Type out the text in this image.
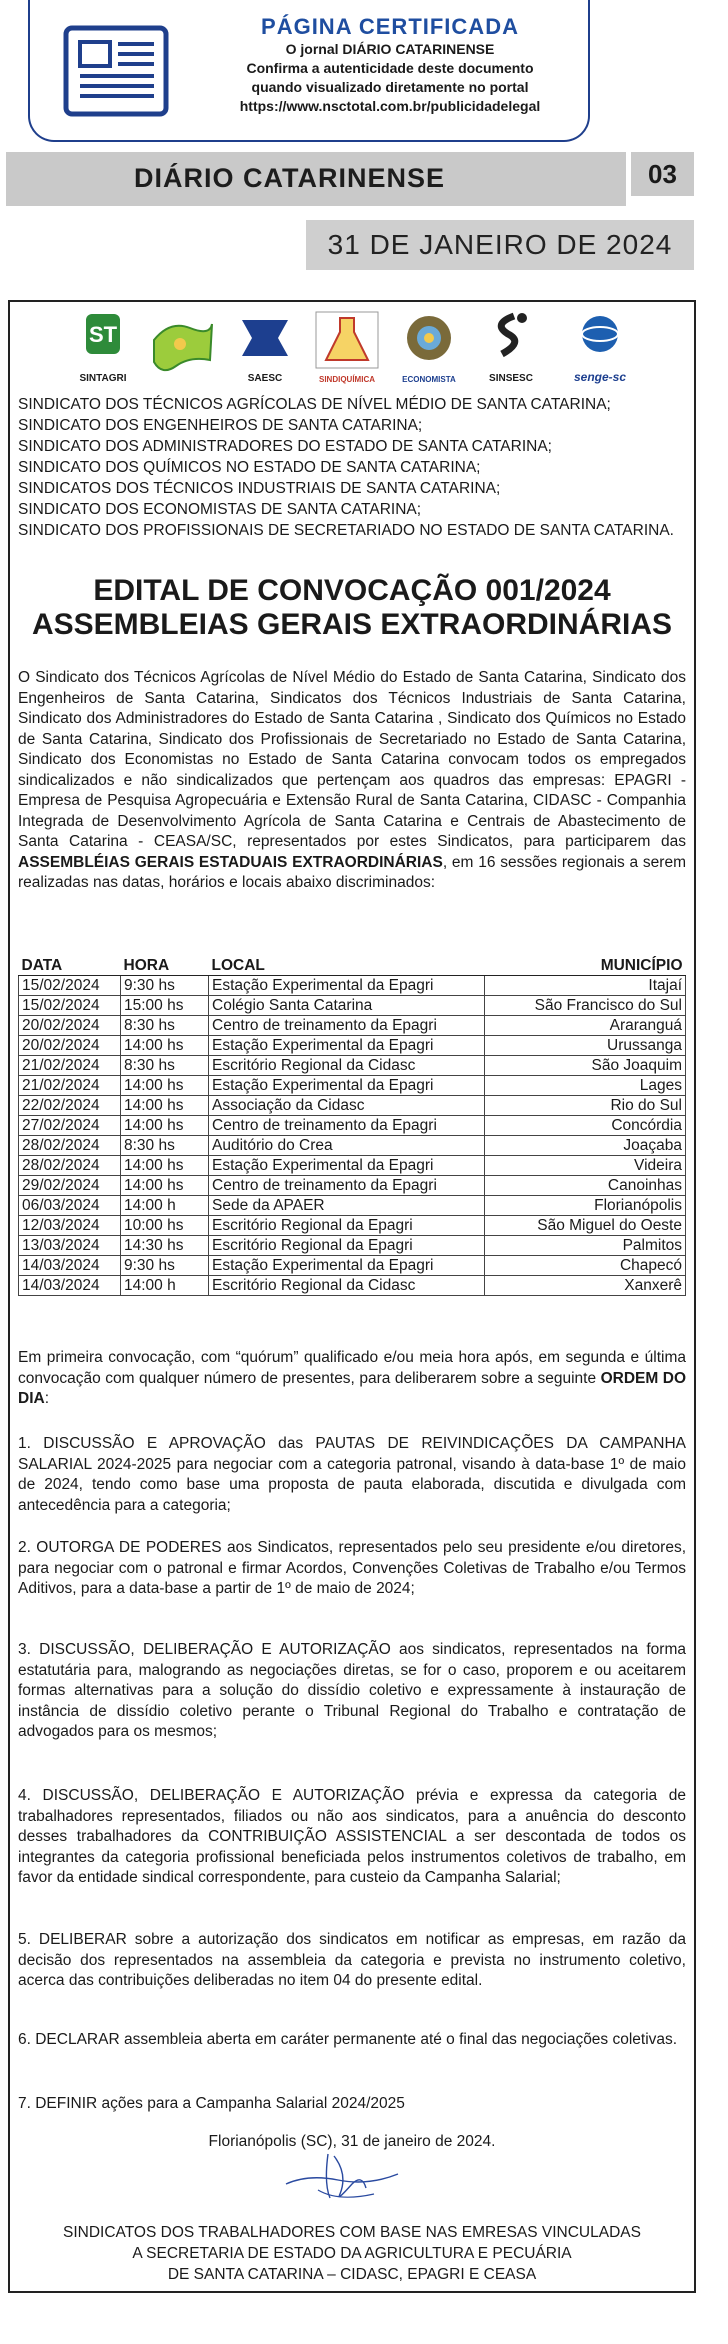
PÁGINA CERTIFICADA
O jornal DIÁRIO CATARINENSE
Confirma a autenticidade deste documento
quando visualizado diretamente no portal
https://www.nsctotal.com.br/publicidadelegal
DIÁRIO CATARINENSE	03
31 DE JANEIRO DE 2024
ST
SINTAGRI	SAESC	SINDIQUÍMICA	ECONOMISTA	SINSESC	senge-sc
SINDICATO DOS TÉCNICOS AGRÍCOLAS DE NÍVEL MÉDIO DE SANTA CATARINA;
SINDICATO DOS ENGENHEIROS DE SANTA CATARINA;
SINDICATO DOS ADMINISTRADORES DO ESTADO DE SANTA CATARINA;
SINDICATO DOS QUÍMICOS NO ESTADO DE SANTA CATARINA;
SINDICATOS DOS TÉCNICOS INDUSTRIAIS DE SANTA CATARINA;
SINDICATO DOS ECONOMISTAS DE SANTA CATARINA;
SINDICATO DOS PROFISSIONAIS DE SECRETARIADO NO ESTADO DE SANTA CATARINA.
EDITAL DE CONVOCAÇÃO 001/2024
ASSEMBLEIAS GERAIS EXTRAORDINÁRIAS
O Sindicato dos Técnicos Agrícolas de Nível Médio do Estado de Santa Catarina, Sindicato dos Engenheiros de Santa Catarina, Sindicatos dos Técnicos Industriais de Santa Catarina, Sindicato dos Administradores do Estado de Santa Catarina , Sindicato dos Químicos no Estado de Santa Catarina, Sindicato dos Profissionais de Secretariado no Estado de Santa Catarina, Sindicato dos Economistas no Estado de Santa Catarina convocam todos os empregados sindicalizados e não sindicalizados que pertençam aos quadros das empresas: EPAGRI - Empresa de Pesquisa Agropecuária e Extensão Rural de Santa Catarina, CIDASC - Companhia Integrada de Desenvolvimento Agrícola de Santa Catarina e Centrais de Abastecimento de Santa Catarina - CEASA/SC, representados por estes Sindicatos, para participarem das ASSEMBLÉIAS GERAIS ESTADUAIS EXTRAORDINÁRIAS, em 16 sessões regionais a serem realizadas nas datas, horários e locais abaixo discriminados:
DATA	HORA	LOCAL	MUNICÍPIO
15/02/2024	9:30 hs	Estação Experimental da Epagri	Itajaí
15/02/2024	15:00 hs	Colégio Santa Catarina	São Francisco do Sul
20/02/2024	8:30 hs	Centro de treinamento da Epagri	Araranguá
20/02/2024	14:00 hs	Estação Experimental da Epagri	Urussanga
21/02/2024	8:30 hs	Escritório Regional da Cidasc	São Joaquim
21/02/2024	14:00 hs	Estação Experimental da Epagri	Lages
22/02/2024	14:00 hs	Associação da Cidasc	Rio do Sul
27/02/2024	14:00 hs	Centro de treinamento da Epagri	Concórdia
28/02/2024	8:30 hs	Auditório do Crea	Joaçaba
28/02/2024	14:00 hs	Estação Experimental da Epagri	Videira
29/02/2024	14:00 hs	Centro de treinamento da Epagri	Canoinhas
06/03/2024	14:00 h	Sede da APAER	Florianópolis
12/03/2024	10:00 hs	Escritório Regional da Epagri	São Miguel do Oeste
13/03/2024	14:30 hs	Escritório Regional da Epagri	Palmitos
14/03/2024	9:30 hs	Estação Experimental da Epagri	Chapecó
14/03/2024	14:00 h	Escritório Regional da Cidasc	Xanxerê
Em primeira convocação, com “quórum” qualificado e/ou meia hora após, em segunda e última convocação com qualquer número de presentes, para deliberarem sobre a seguinte ORDEM DO DIA:
1. DISCUSSÃO E APROVAÇÃO das PAUTAS DE REIVINDICAÇÕES DA CAMPANHA SALARIAL 2024-2025 para negociar com a categoria patronal, visando à data-base 1º de maio de 2024, tendo como base uma proposta de pauta elaborada, discutida e divulgada com antecedência para a categoria;
2. OUTORGA DE PODERES aos Sindicatos, representados pelo seu presidente e/ou diretores, para negociar com o patronal e firmar Acordos, Convenções Coletivas de Trabalho e/ou Termos Aditivos, para a data-base a partir de 1º de maio de 2024;
3. DISCUSSÃO, DELIBERAÇÃO E AUTORIZAÇÃO aos sindicatos, representados na forma estatutária para, malogrando as negociações diretas, se for o caso, proporem e ou aceitarem formas alternativas para a solução do dissídio coletivo e expressamente à instauração de instância de dissídio coletivo perante o Tribunal Regional do Trabalho e contratação de advogados para os mesmos;
4. DISCUSSÃO, DELIBERAÇÃO E AUTORIZAÇÃO prévia e expressa da categoria de trabalhadores representados, filiados ou não aos sindicatos, para a anuência do desconto desses trabalhadores da CONTRIBUIÇÃO ASSISTENCIAL a ser descontada de todos os integrantes da categoria profissional beneficiada pelos instrumentos coletivos de trabalho, em favor da entidade sindical correspondente, para custeio da Campanha Salarial;
5. DELIBERAR sobre a autorização dos sindicatos em notificar as empresas, em razão da decisão dos representados na assembleia da categoria e prevista no instrumento coletivo, acerca das contribuições deliberadas no item 04 do presente edital.
6. DECLARAR assembleia aberta em caráter permanente até o final das negociações coletivas.
7. DEFINIR ações para a Campanha Salarial 2024/2025
Florianópolis (SC), 31 de janeiro de 2024.
SINDICATOS DOS TRABALHADORES COM BASE NAS EMRESAS VINCULADAS
A SECRETARIA DE ESTADO DA AGRICULTURA E PECUÁRIA
DE SANTA CATARINA – CIDASC, EPAGRI E CEASA
